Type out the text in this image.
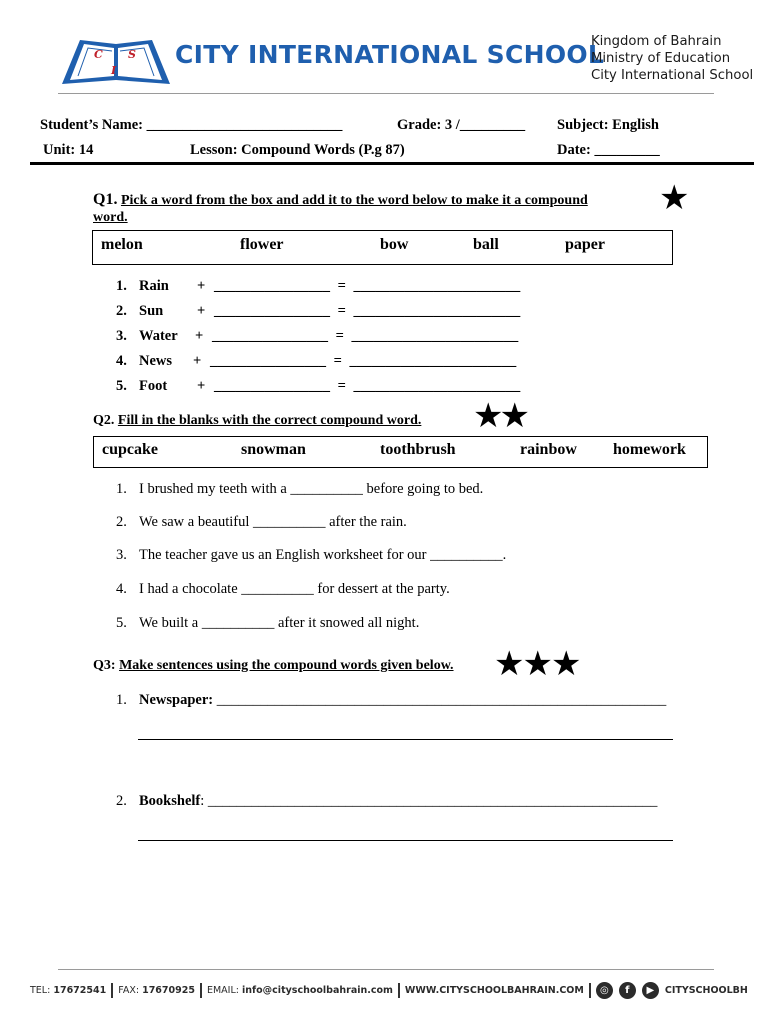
C
I
S CITY INTERNATIONAL SCHOOL
Kingdom of Bahrain
Ministry of Education
City International School
Student’s Name: ___________________________	Grade: 3 /_________ Subject: English
Unit: 14	Lesson: Compound Words (P.g 87)	Date: _________
Q1. Pick a word from the box and add it to the word below to make it a compound
word.	★
melon	flower	bow	ball	paper
1. Rain + ________________ = _______________________
2. Sun + ________________ = _______________________
3. Water + ________________ = _______________________
4. News + ________________ = _______________________
5. Foot + ________________ = _______________________
Q2. Fill in the blanks with the correct compound word. ★★
cupcake	snowman	toothbrush	rainbow homework
1. I brushed my teeth with a __________ before going to bed.
2. We saw a beautiful __________ after the rain.
3. The teacher gave us an English worksheet for our __________.
4. I had a chocolate __________ for dessert at the party.
5. We built a __________ after it snowed all night.
Q3: Make sentences using the compound words given below. ★★★
1. Newspaper: ______________________________________________________________
2. Bookshelf: ______________________________________________________________
TEL: 17672541 FAX: 17670925 EMAIL: info@cityschoolbahrain.com WWW.CITYSCHOOLBAHRAIN.COM ◎ f ▶ CITYSCHOOLBH
